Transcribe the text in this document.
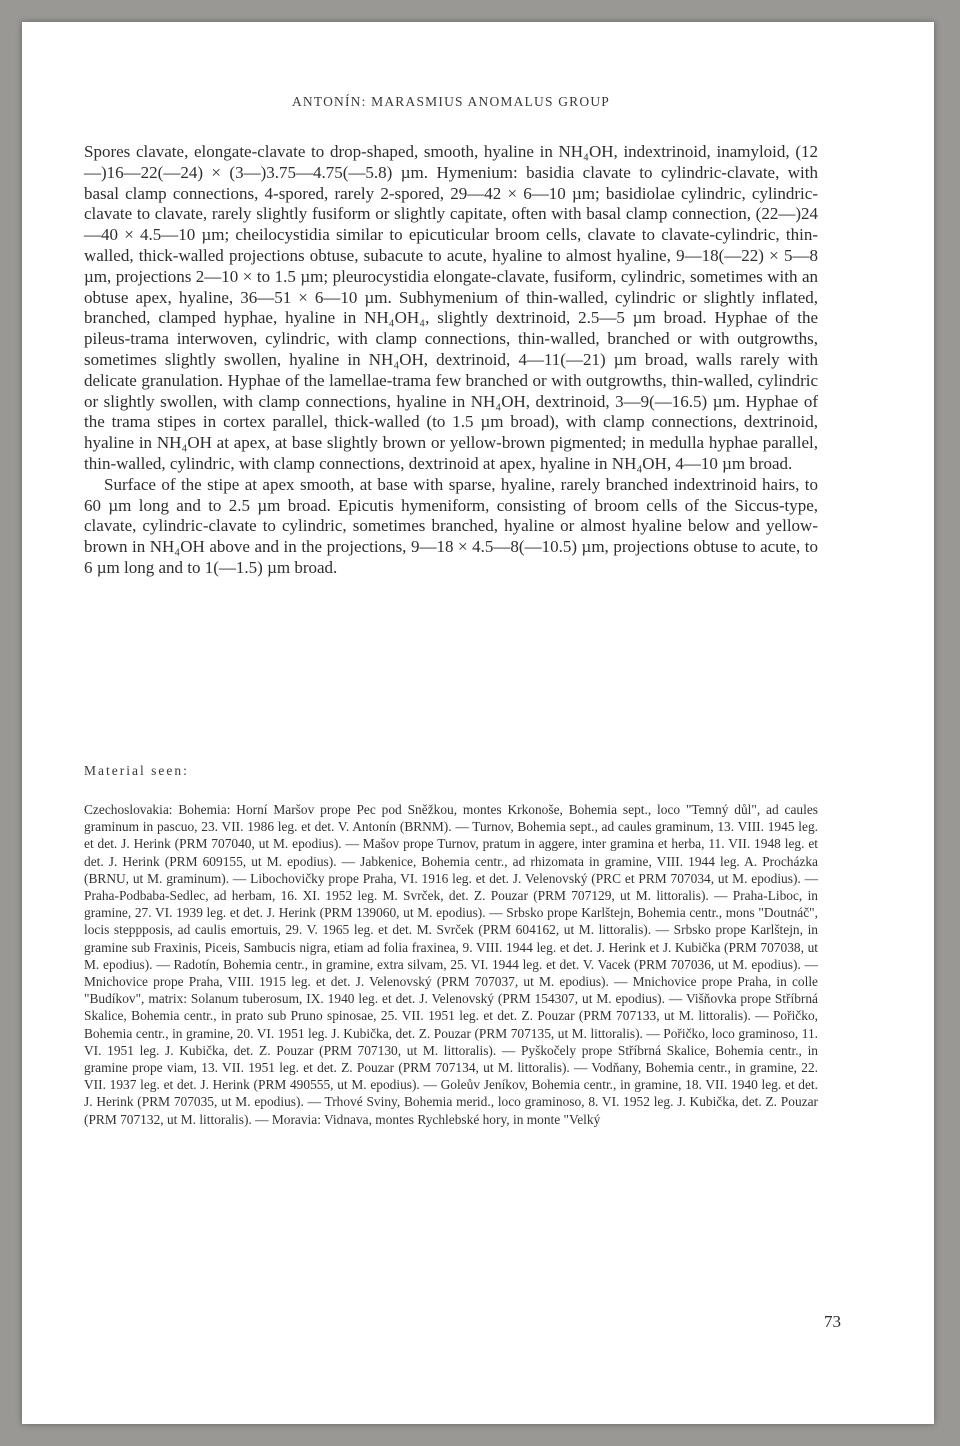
ANTONÍN: MARASMIUS ANOMALUS GROUP

Spores clavate, elongate-clavate to drop-shaped, smooth, hyaline in NH₄OH, indextrinoid, inamyloid, (12—)16—22(—24) × (3—)3.75—4.75(—5.8) µm. Hymenium: basidia clavate to cylindric-clavate, with basal clamp connections, 4-spored, rarely 2-spored, 29—42 × 6—10 µm; basidiolae cylindric, cylindric-clavate to clavate, rarely slightly fusiform or slightly capitate, often with basal clamp connection, (22—)24—40 × 4.5—10 µm; cheilocystidia similar to epicuticular broom cells, clavate to clavate-cylindric, thin-walled, thick-walled projections obtuse, subacute to acute, hyaline to almost hyaline, 9—18(—22) × 5—8 µm, projections 2—10 × to 1.5 µm; pleurocystidia elongate-clavate, fusiform, cylindric, sometimes with an obtuse apex, hyaline, 36—51 × 6—10 µm. Subhymenium of thin-walled, cylindric or slightly inflated, branched, clamped hyphae, hyaline in NH₄OH₄, slightly dextrinoid, 2.5—5 µm broad. Hyphae of the pileus-trama interwoven, cylindric, with clamp connections, thin-walled, branched or with outgrowths, sometimes slightly swollen, hyaline in NH₄OH, dextrinoid, 4—11(—21) µm broad, walls rarely with delicate granulation. Hyphae of the lamellae-trama few branched or with outgrowths, thin-walled, cylindric or slightly swollen, with clamp connections, hyaline in NH₄OH, dextrinoid, 3—9(—16.5) µm. Hyphae of the trama stipes in cortex parallel, thick-walled (to 1.5 µm broad), with clamp connections, dextrinoid, hyaline in NH₄OH at apex, at base slightly brown or yellow-brown pigmented; in medulla hyphae parallel, thin-walled, cylindric, with clamp connections, dextrinoid at apex, hyaline in NH₄OH, 4—10 µm broad.

Surface of the stipe at apex smooth, at base with sparse, hyaline, rarely branched indextrinoid hairs, to 60 µm long and to 2.5 µm broad. Epicutis hymeniform, consisting of broom cells of the Siccus-type, clavate, cylindric-clavate to cylindric, sometimes branched, hyaline or almost hyaline below and yellow-brown in NH₄OH above and in the projections, 9—18 × 4.5—8(—10.5) µm, projections obtuse to acute, to 6 µm long and to 1(—1.5) µm broad.

Material seen:

Czechoslovakia: Bohemia: Horní Maršov prope Pec pod Sněžkou, montes Krkonoše, Bohemia sept., loco "Temný důl", ad caules graminum in pascuo, 23. VII. 1986 leg. et det. V. Antonín (BRNM). — Turnov, Bohemia sept., ad caules graminum, 13. VIII. 1945 leg. et det. J. Herink (PRM 707040, ut M. epodius). — Mašov prope Turnov, pratum in aggere, inter gramina et herba, 11. VII. 1948 leg. et det. J. Herink (PRM 609155, ut M. epodius). — Jabkenice, Bohemia centr., ad rhizomata in gramine, VIII. 1944 leg. A. Procházka (BRNU, ut M. graminum). — Libochovičky prope Praha, VI. 1916 leg. et det. J. Velenovský (PRC et PRM 707034, ut M. epodius). — Praha-Podbaba-Sedlec, ad herbam, 16. XI. 1952 leg. M. Svrček, det. Z. Pouzar (PRM 707129, ut M. littoralis). — Praha-Liboc, in gramine, 27. VI. 1939 leg. et det. J. Herink (PRM 139060, ut M. epodius). — Srbsko prope Karlštejn, Bohemia centr., mons "Doutnáč", locis steppposis, ad caulis emortuis, 29. V. 1965 leg. et det. M. Svrček (PRM 604162, ut M. littoralis). — Srbsko prope Karlštejn, in gramine sub Fraxinis, Piceis, Sambucis nigra, etiam ad folia fraxinea, 9. VIII. 1944 leg. et det. J. Herink et J. Kubička (PRM 707038, ut M. epodius). — Radotín, Bohemia centr., in gramine, extra silvam, 25. VI. 1944 leg. et det. V. Vacek (PRM 707036, ut M. epodius). — Mnichovice prope Praha, VIII. 1915 leg. et det. J. Velenovský (PRM 707037, ut M. epodius). — Mnichovice prope Praha, in colle "Budíkov", matrix: Solanum tuberosum, IX. 1940 leg. et det. J. Velenovský (PRM 154307, ut M. epodius). — Višňovka prope Stříbrná Skalice, Bohemia centr., in prato sub Pruno spinosae, 25. VII. 1951 leg. et det. Z. Pouzar (PRM 707133, ut M. littoralis). — Pořičko, Bohemia centr., in gramine, 20. VI. 1951 leg. J. Kubička, det. Z. Pouzar (PRM 707135, ut M. littoralis). — Pořičko, loco graminoso, 11. VI. 1951 leg. J. Kubička, det. Z. Pouzar (PRM 707130, ut M. littoralis). — Pyškočely prope Stříbrná Skalice, Bohemia centr., in gramine prope viam, 13. VII. 1951 leg. et det. Z. Pouzar (PRM 707134, ut M. littoralis). — Vodňany, Bohemia centr., in gramine, 22. VII. 1937 leg. et det. J. Herink (PRM 490555, ut M. epodius). — Goleův Jeníkov, Bohemia centr., in gramine, 18. VII. 1940 leg. et det. J. Herink (PRM 707035, ut M. epodius). — Trhové Sviny, Bohemia merid., loco graminoso, 8. VI. 1952 leg. J. Kubička, det. Z. Pouzar (PRM 707132, ut M. littoralis). — Moravia: Vidnava, montes Rychlebské hory, in monte "Velký

73
